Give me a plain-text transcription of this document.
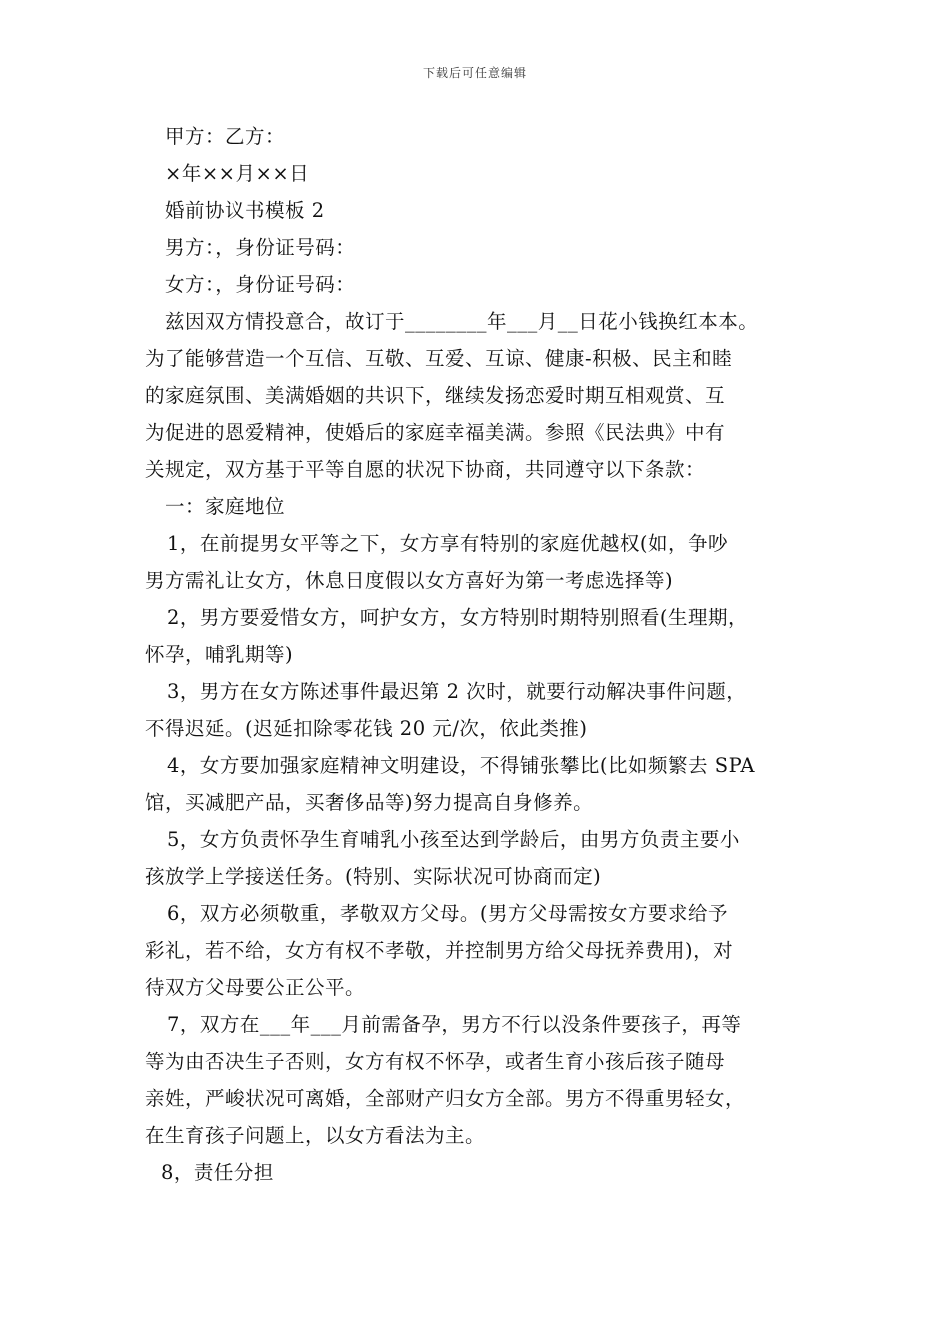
下载后可任意编辑
甲方：乙方：
×年××月××日
婚前协议书模板 2
男方：，身份证号码：
女方：，身份证号码：
兹因双方情投意合，故订于________年___月__日花小钱换红本本。
为了能够营造一个互信、互敬、互爱、互谅、健康-积极、民主和睦
的家庭氛围、美满婚姻的共识下，继续发扬恋爱时期互相观赏、互
为促进的恩爱精神，使婚后的家庭幸福美满。参照《民法典》中有
关规定，双方基于平等自愿的状况下协商，共同遵守以下条款：
一：家庭地位
1，在前提男女平等之下，女方享有特别的家庭优越权(如，争吵
男方需礼让女方，休息日度假以女方喜好为第一考虑选择等)
2，男方要爱惜女方，呵护女方，女方特别时期特别照看(生理期，
怀孕，哺乳期等)
3，男方在女方陈述事件最迟第 2 次时，就要行动解决事件问题，
不得迟延。(迟延扣除零花钱 20 元/次，依此类推)
4，女方要加强家庭精神文明建设，不得铺张攀比(比如频繁去 SPA
馆，买减肥产品，买奢侈品等)努力提高自身修养。
5，女方负责怀孕生育哺乳小孩至达到学龄后，由男方负责主要小
孩放学上学接送任务。(特别、实际状况可协商而定)
6，双方必须敬重，孝敬双方父母。(男方父母需按女方要求给予
彩礼，若不给，女方有权不孝敬，并控制男方给父母抚养费用)，对
待双方父母要公正公平。
7，双方在___年___月前需备孕，男方不行以没条件要孩子，再等
等为由否决生子否则，女方有权不怀孕，或者生育小孩后孩子随母
亲姓，严峻状况可离婚，全部财产归女方全部。男方不得重男轻女，
在生育孩子问题上，以女方看法为主。
8，责任分担
